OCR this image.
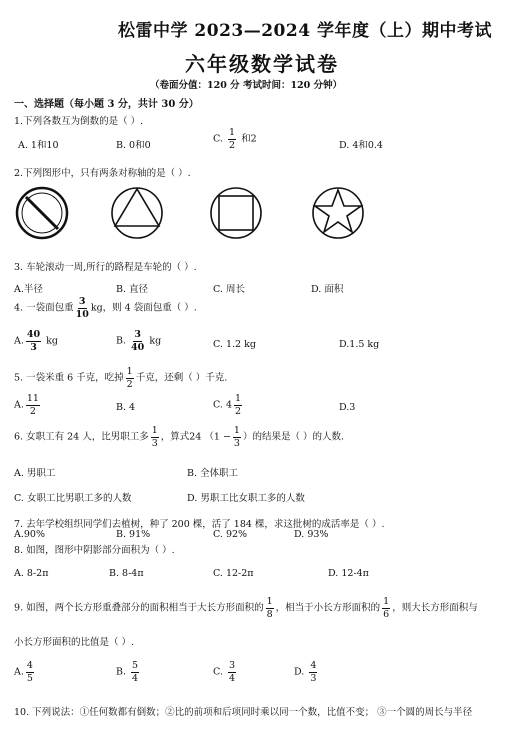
松雷中学 2023—2024 学年度（上）期中考试
六年级数学试卷
（卷面分值：120 分 考试时间：120 分钟）
一、选择题（每小题 3 分，共计 30 分）
1.下列各数互为倒数的是（ ）.
A. 1和10	B. 0和0
C. $\frac{1}{2}$ 和2
D. 4和0.4
2.下列图形中，只有两条对称轴的是（ ）.
3. 车轮滚动一周,所行的路程是车轮的（ ）.
A.半径	B. 直径	C. 周长	D. 面积
4. 一袋面包重 $\frac{3}{10}$ kg，则 4 袋面包重（ ）.
A. $\frac{40}{3}$ kg	B. $\frac{3}{40}$ kg	C. 1.2 kg	D.1.5 kg
5. 一袋米重 6 千克，吃掉 $\frac{1}{2}$ 千克，还剩（ ）千克.
A. $\frac{11}{2}$	B. 4	C. $4 \frac{1}{2}$	D.3
6. 女职工有 24 人，比男职工多 $\frac{1}{3}$ ，算式24 （$1 - \frac{1}{3}$ ）的结果是（ ）的人数.
A. 男职工	B. 全体职工
C. 女职工比男职工多的人数	D. 男职工比女职工多的人数
7. 去年学校组织同学们去植树，种了 200 棵，活了 184 棵，求这批树的成活率是（ ）.
A.90%	B. 91%	C. 92%	D. 93%
8. 如图，图形中阴影部分面积为（ ）.
A. 8-2π	B. 8-4π	C. 12-2π	D. 12-4π
9. 如图，两个长方形重叠部分的面积相当于大长方形面积的 $\frac{1}{8}$ ，相当于小长方形面积的 $\frac{1}{6}$ ，则大长方形面积与
小长方形面积的比值是（ ）.
A. $\frac{4}{5}$	B. $\frac{5}{4}$	C. $\frac{3}{4}$	D. $\frac{4}{3}$
10. 下列说法：①任何数都有倒数；②比的前项和后项同时乘以同一个数，比值不变； ③一个圆的周长与半径
